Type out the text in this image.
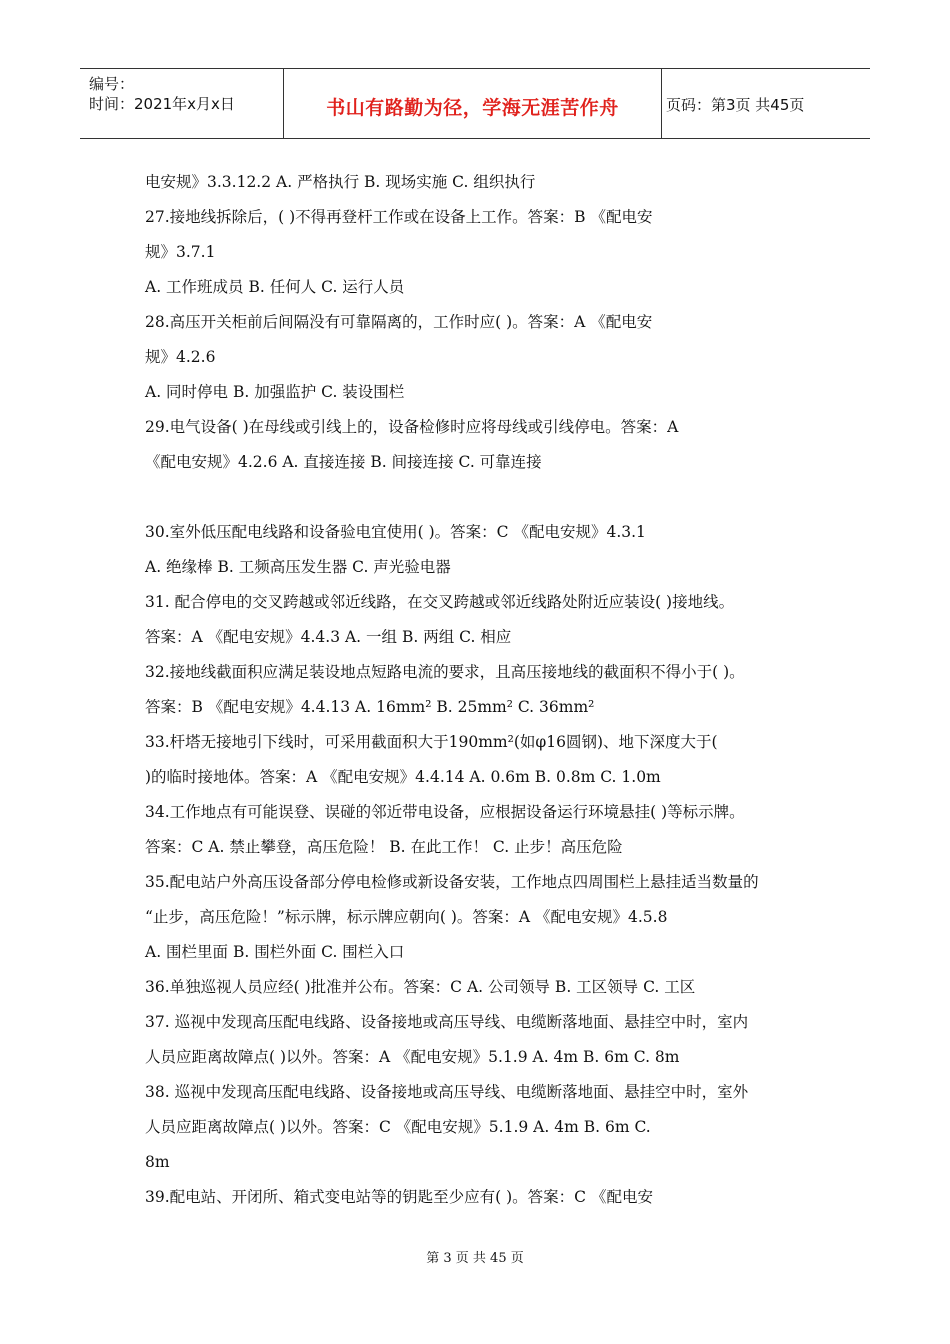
编号：
时间：2021年x月x日	书山有路勤为径，学海无涯苦作舟	页码：第3页 共45页
电安规》3.3.12.2 A. 严格执行 B. 现场实施 C. 组织执行
27.接地线拆除后，( )不得再登杆工作或在设备上工作。答案：B 《配电安
规》3.7.1
A. 工作班成员 B. 任何人 C. 运行人员
28.高压开关柜前后间隔没有可靠隔离的，工作时应( )。答案：A 《配电安
规》4.2.6
A. 同时停电 B. 加强监护 C. 装设围栏
29.电气设备( )在母线或引线上的，设备检修时应将母线或引线停电。答案：A
《配电安规》4.2.6 A. 直接连接 B. 间接连接 C. 可靠连接
30.室外低压配电线路和设备验电宜使用( )。答案：C 《配电安规》4.3.1
A. 绝缘棒 B. 工频高压发生器 C. 声光验电器
31. 配合停电的交叉跨越或邻近线路，在交叉跨越或邻近线路处附近应装设( )接地线。
答案：A 《配电安规》4.4.3 A. 一组 B. 两组 C. 相应
32.接地线截面积应满足装设地点短路电流的要求，且高压接地线的截面积不得小于( )。
答案：B 《配电安规》4.4.13 A. 16mm² B. 25mm² C. 36mm²
33.杆塔无接地引下线时，可采用截面积大于190mm²(如φ16圆钢)、地下深度大于(
)的临时接地体。答案：A 《配电安规》4.4.14 A. 0.6m B. 0.8m C. 1.0m
34.工作地点有可能误登、误碰的邻近带电设备，应根据设备运行环境悬挂( )等标示牌。
答案：C A. 禁止攀登，高压危险！ B. 在此工作！ C. 止步！高压危险
35.配电站户外高压设备部分停电检修或新设备安装，工作地点四周围栏上悬挂适当数量的
“止步，高压危险！”标示牌，标示牌应朝向( )。答案：A 《配电安规》4.5.8
A. 围栏里面 B. 围栏外面 C. 围栏入口
36.单独巡视人员应经( )批准并公布。答案：C A. 公司领导 B. 工区领导 C. 工区
37. 巡视中发现高压配电线路、设备接地或高压导线、电缆断落地面、悬挂空中时，室内
人员应距离故障点( )以外。答案：A 《配电安规》5.1.9 A. 4m B. 6m C. 8m
38. 巡视中发现高压配电线路、设备接地或高压导线、电缆断落地面、悬挂空中时，室外
人员应距离故障点( )以外。答案：C 《配电安规》5.1.9 A. 4m B. 6m C.
8m
39.配电站、开闭所、箱式变电站等的钥匙至少应有( )。答案：C 《配电安
第 3 页 共 45 页
